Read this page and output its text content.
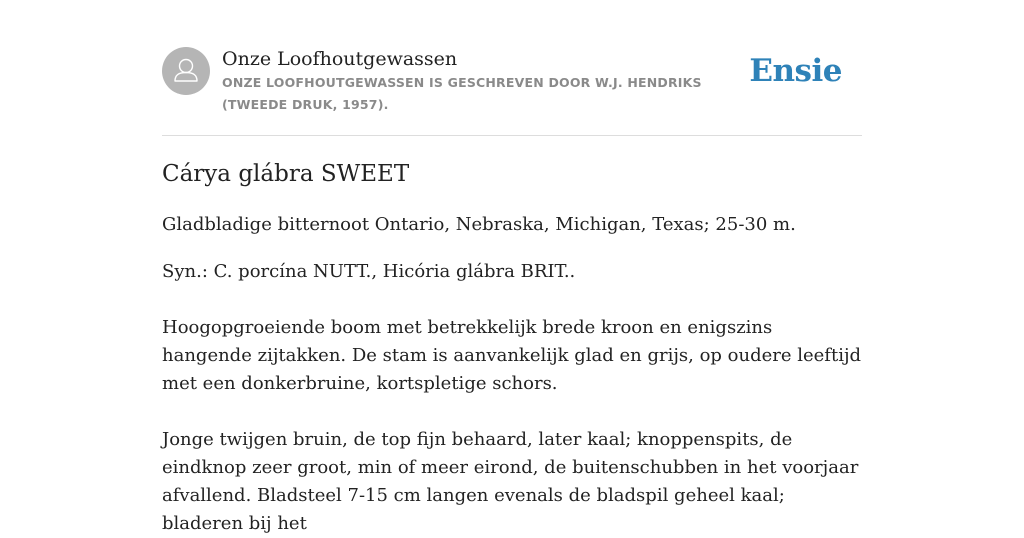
Onze Loofhoutgewassen
ONZE LOOFHOUTGEWASSEN IS GESCHREVEN DOOR W.J. HENDRIKS (TWEEDE DRUK, 1957).
Ensie
Cárya glábra SWEET

Gladbladige bitternoot Ontario, Nebraska, Michigan, Texas; 25-30 m.

Syn.: C. porcína NUTT., Hicória glábra BRIT..

Hoogopgroeiende boom met betrekkelijk brede kroon en enigszins hangende zijtakken. De stam is aanvankelijk glad en grijs, op oudere leeftijd met een donkerbruine, kortspletige schors.

Jonge twijgen bruin, de top fijn behaard, later kaal; knoppenspits, de eindknop zeer groot, min of meer eirond, de buitenschubben in het voorjaar afvallend. Bladsteel 7-15 cm langen evenals de bladspil geheel kaal; bladeren bij het
